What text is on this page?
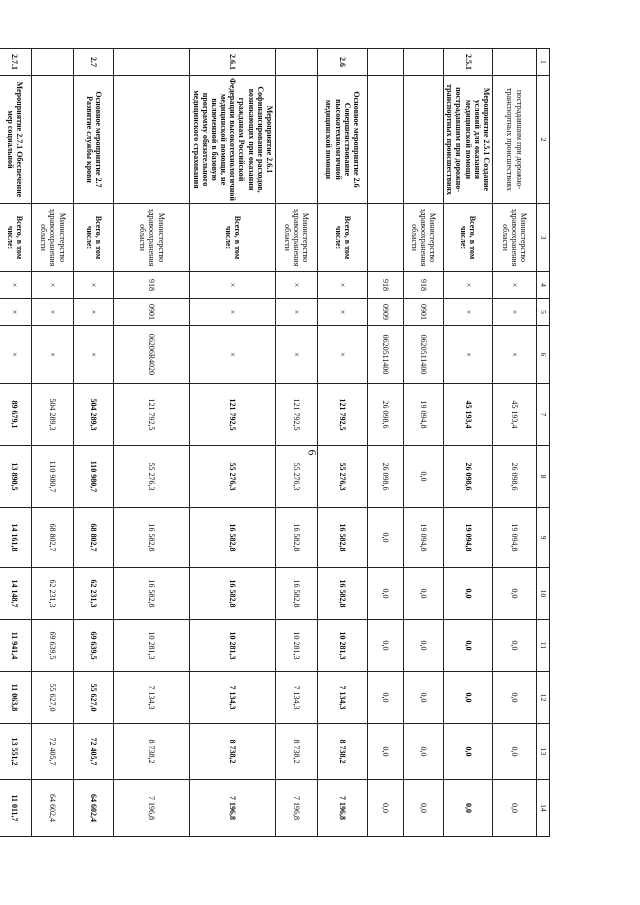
6
1	2	3	4	5	6	7	8	9	10	11	12	13	14
	пострадавшим при дорожно-транспортных происшествиях	Министерство здравоохранения области	×	×	×	45 193,4	26 098,6	19 094,8	0,0	0,0	0,0	0,0	0,0
2.5.1	Мероприятие 2.5.1 Создание условий для оказания медицинской помощи пострадавшим при дорожно-транспортных происшествиях	Всего, в том числе:	×	×	×	45 193,4	26 098,6	19 094,8	0,0	0,0	0,0	0,0	0,0
		Министерство здравоохранения области	918	0901	0620511400	19 094,8	0,0	19 094,8	0,0	0,0	0,0	0,0	0,0
			918	0909	0620511400	26 098,6	26 098,6	0,0	0,0	0,0	0,0	0,0	0,0
2.6	Основное мероприятие 2.6 Совершенствование высокотехнологичной медицинской помощи	Всего, в том числе:	×	×	×	121 792,5	55 276,3	16 582,8	16 582,8	10 281,3	7 134,3	8 738,2	7 196,8
		Министерство здравоохранения области	×	×	×	121 792,5	55 276,3	16 582,8	16 582,8	10 281,3	7 134,3	8 738,2	7 196,8
2.6.1	Мероприятие 2.6.1 Софинансирование расходов, возникающих при оказании гражданам Российской Федерации высокотехнологичной медицинской помощи, не включенной в базовую программу обязательного медицинского страхования	Всего, в том числе:	×	×	×	121 792,5	55 276,3	16 582,8	16 582,8	10 281,3	7 134,3	8 738,2	7 196,8
		Министерство здравоохранения области	918	0901	06206R4020	121 792,5	55 276,3	16 582,8	16 582,8	10 281,3	7 134,3	8 738,2	7 196,8
2.7	Основное мероприятие 2.7 Развитие службы крови	Всего, в том числе:	×	×	×	504 289,3	110 980,7	68 802,7	62 231,3	69 639,5	55 627,0	72 405,7	64 602,4
		Министерство здравоохранения области	×	×	×	504 289,3	110 980,7	68 802,7	62 231,3	69 639,5	55 627,0	72 405,7	64 602,4
2.7.1	Мероприятие 2.7.1 Обеспечение мер социальной	Всего, в том числе:	×	×	×	89 679,1	13 890,5	14 161,8	14 148,7	11 941,4	11 063,8	13 551,2	11 011,7
